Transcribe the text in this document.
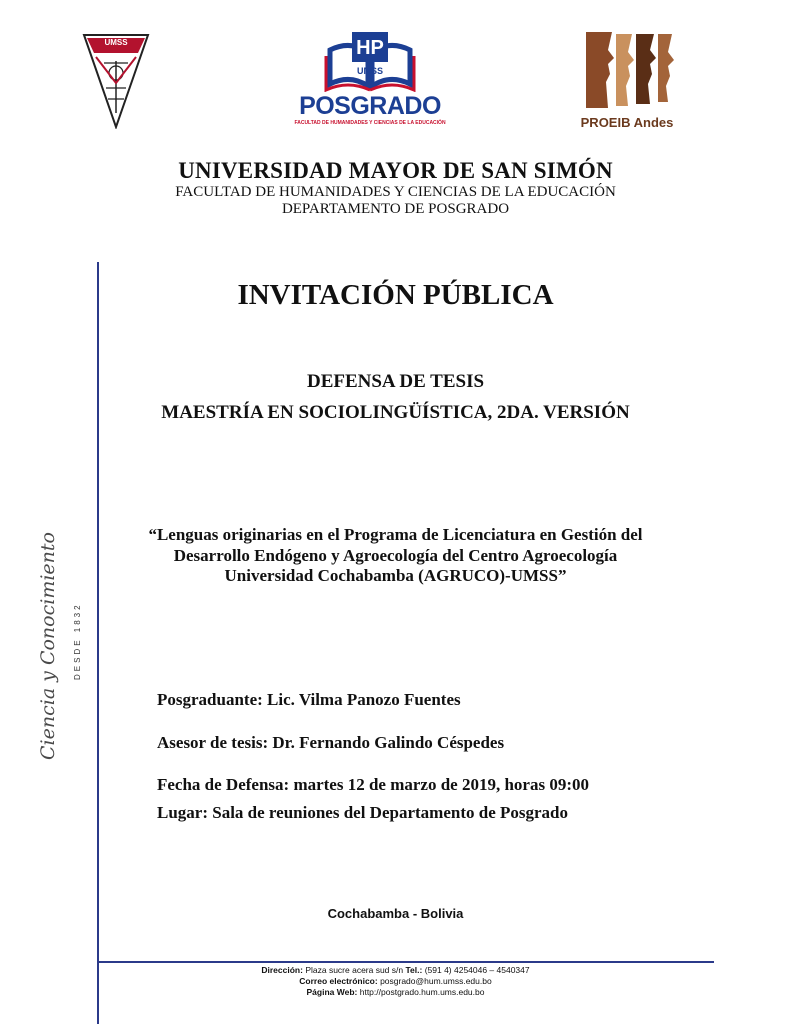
UMSS	HP
UMSS
POSGRADO
FACULTAD DE HUMANIDADES Y CIENCIAS DE LA EDUCACIÓN	PROEIB Andes
UNIVERSIDAD MAYOR DE SAN SIMÓN
FACULTAD DE HUMANIDADES Y CIENCIAS DE LA EDUCACIÓN
DEPARTAMENTO DE POSGRADO
Ciencia y Conocimiento DESDE 1832
INVITACIÓN PÚBLICA
DEFENSA DE TESIS
MAESTRÍA EN SOCIOLINGÜÍSTICA, 2DA. VERSIÓN
“Lenguas originarias en el Programa de Licenciatura en Gestión del
Desarrollo Endógeno y Agroecología del Centro Agroecología
Universidad Cochabamba (AGRUCO)-UMSS”
Posgraduante: Lic. Vilma Panozo Fuentes
Asesor de tesis: Dr. Fernando Galindo Céspedes
Fecha de Defensa: martes 12 de marzo de 2019, horas 09:00
Lugar: Sala de reuniones del Departamento de Posgrado
Cochabamba - Bolivia
Dirección: Plaza sucre acera sud s/n Tel.: (591 4) 4254046 – 4540347
Correo electrónico: posgrado@hum.umss.edu.bo
Página Web: http://postgrado.hum.ums.edu.bo
